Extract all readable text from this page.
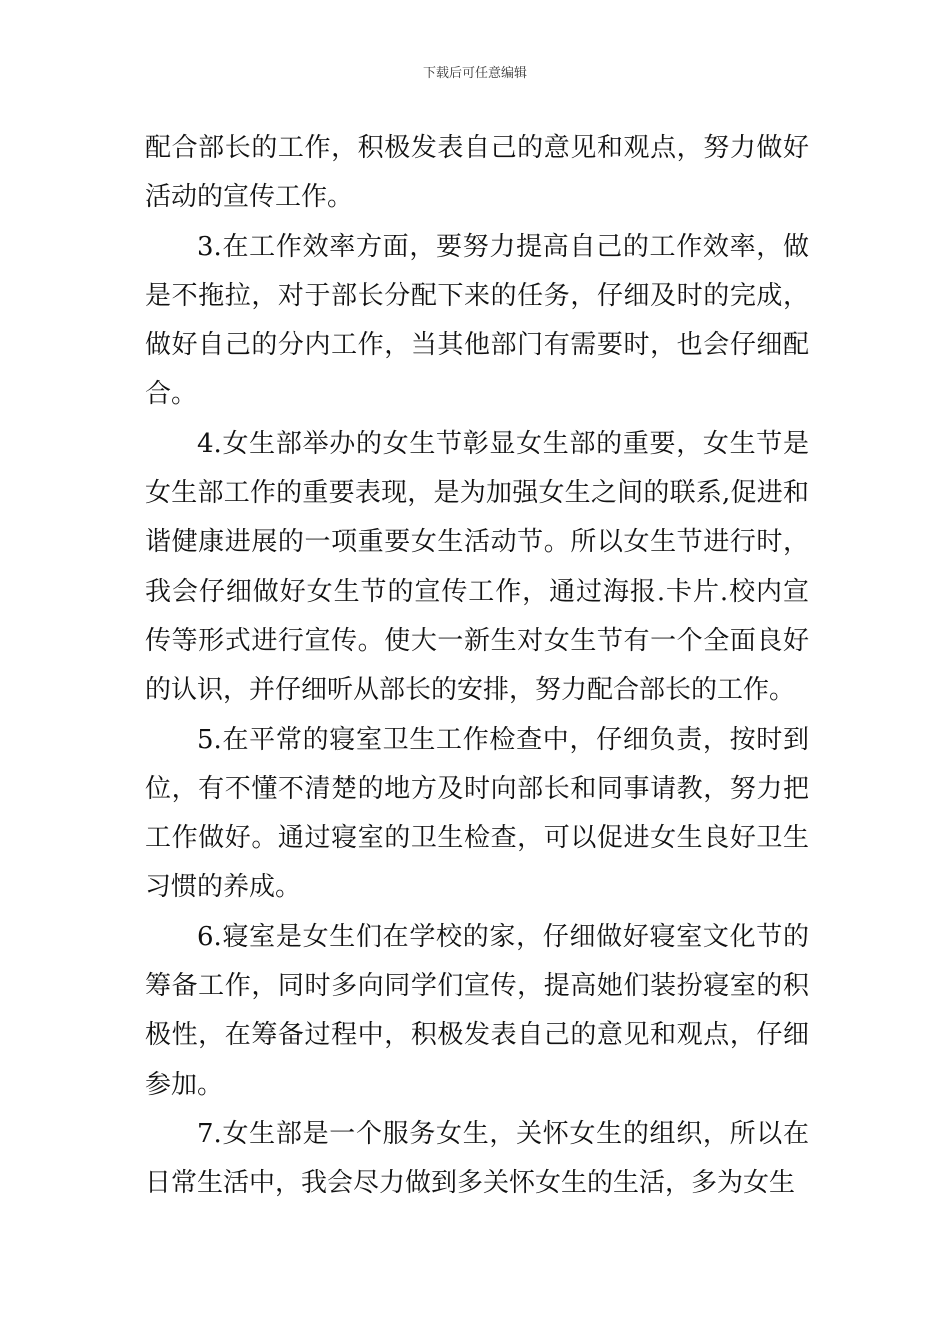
下载后可任意编辑

配合部长的工作，积极发表自己的意见和观点，努力做好活动的宣传工作。

3.在工作效率方面，要努力提高自己的工作效率，做是不拖拉，对于部长分配下来的任务，仔细及时的完成，做好自己的分内工作，当其他部门有需要时，也会仔细配合。

4.女生部举办的女生节彰显女生部的重要，女生节是女生部工作的重要表现，是为加强女生之间的联系,促进和谐健康进展的一项重要女生活动节。所以女生节进行时，我会仔细做好女生节的宣传工作，通过海报.卡片.校内宣传等形式进行宣传。使大一新生对女生节有一个全面良好的认识，并仔细听从部长的安排，努力配合部长的工作。

5.在平常的寝室卫生工作检查中，仔细负责，按时到位，有不懂不清楚的地方及时向部长和同事请教，努力把工作做好。通过寝室的卫生检查，可以促进女生良好卫生习惯的养成。

6.寝室是女生们在学校的家，仔细做好寝室文化节的筹备工作，同时多向同学们宣传，提高她们装扮寝室的积极性，在筹备过程中，积极发表自己的意见和观点，仔细参加。

7.女生部是一个服务女生，关怀女生的组织，所以在日常生活中，我会尽力做到多关怀女生的生活，多为女生
